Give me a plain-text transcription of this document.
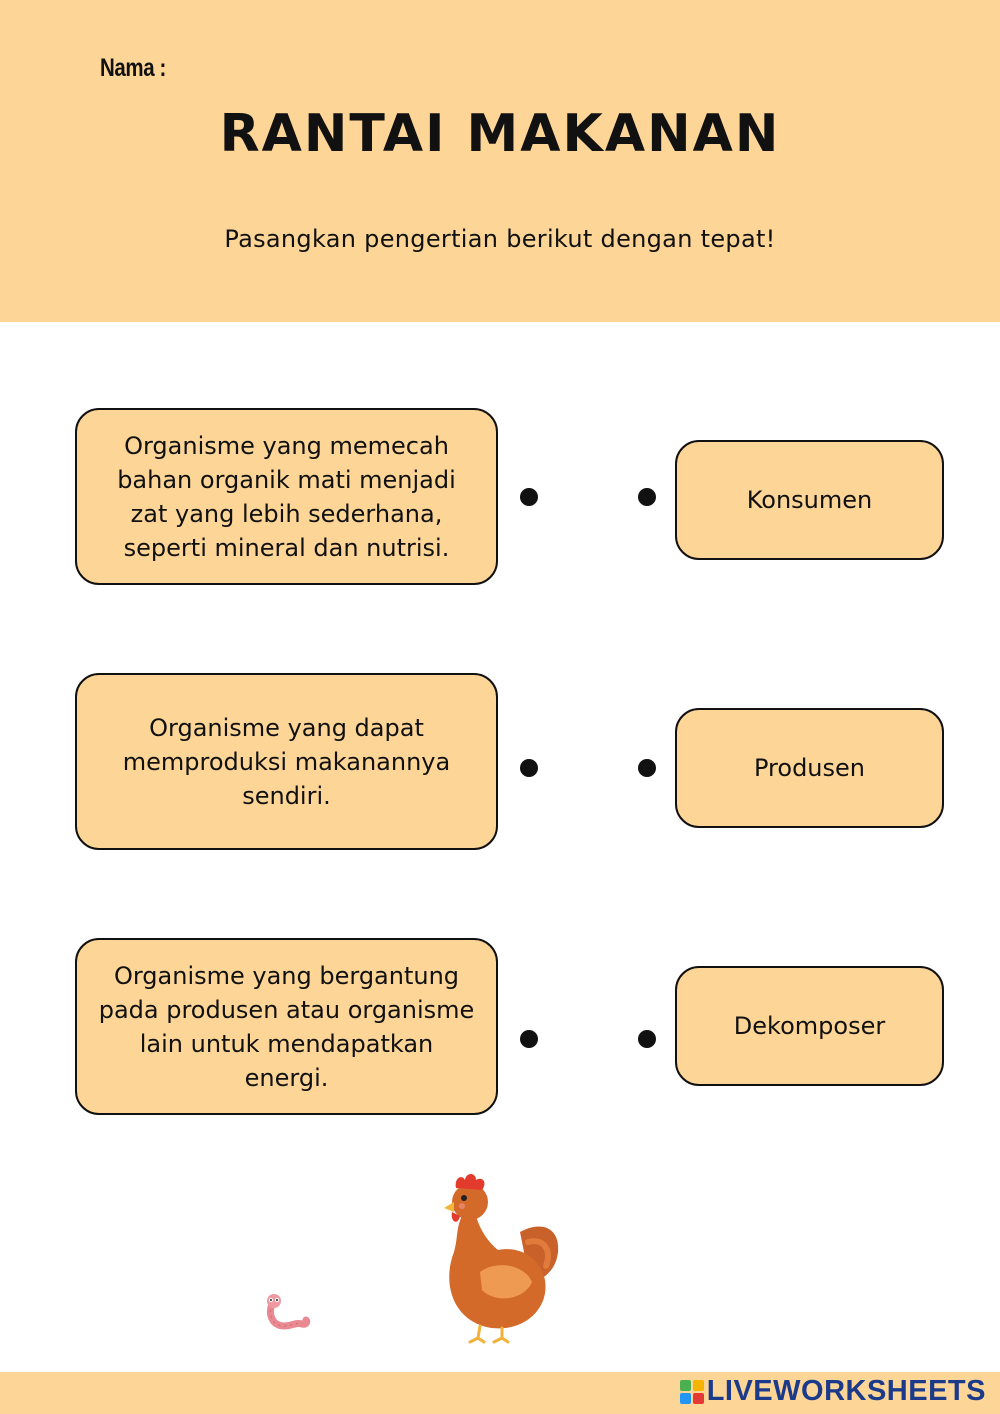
Nama :
RANTAI MAKANAN
Pasangkan pengertian berikut dengan tepat!
Organisme yang memecah bahan organik mati menjadi zat yang lebih sederhana, seperti mineral dan nutrisi.
Konsumen
Organisme yang dapat memproduksi makanannya sendiri.
Produsen
Organisme yang bergantung pada produsen atau organisme lain untuk mendapatkan energi.
Dekomposer
LIVEWORKSHEETS
